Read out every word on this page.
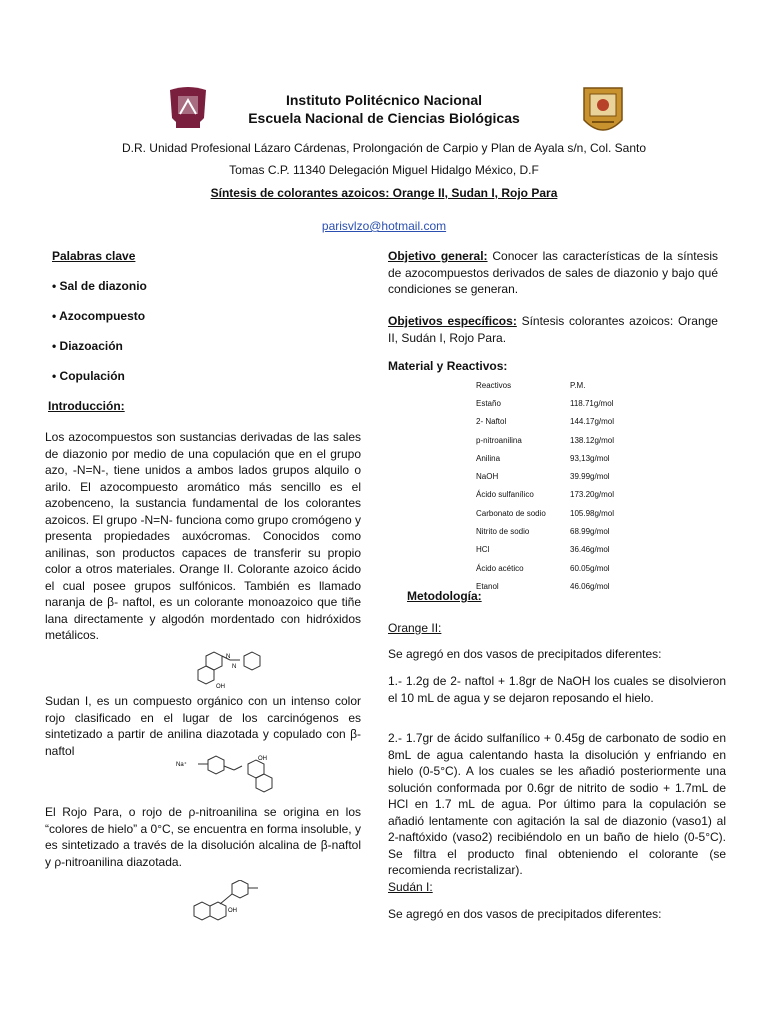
Instituto Politécnico Nacional
Escuela Nacional de Ciencias Biológicas
D.R. Unidad Profesional Lázaro Cárdenas, Prolongación de Carpio y Plan de Ayala s/n, Col. Santo
Tomas C.P. 11340 Delegación Miguel Hidalgo México, D.F
Síntesis de colorantes azoicos: Orange II, Sudan I, Rojo Para
parisvlzo@hotmail.com
Palabras clave
• Sal de diazonio
• Azocompuesto
• Diazoación
• Copulación
Introducción:
Los azocompuestos son sustancias derivadas de las sales de diazonio por medio de una copulación que en el grupo azo, -N=N-, tiene unidos a ambos lados grupos alquilo o arilo. El azocompuesto aromático más sencillo es el azobenceno, la sustancia fundamental de los colorantes azoicos. El grupo -N=N- funciona como grupo cromógeno y presenta propiedades auxócromas. Conocidos como anilinas, son productos capaces de transferir su propio color a otros materiales. Orange II. Colorante azoico ácido el cual posee grupos sulfónicos. También es llamado naranja de β- naftol, es un colorante monoazoico que tiñe lana directamente y algodón mordentado con hidróxidos metálicos.
N
N
OH
Sudan I, es un compuesto orgánico con un intenso color rojo clasificado en el lugar de los carcinógenos es sintetizado a partir de anilina diazotada y copulado con β-naftol
Na⁺
OH
El Rojo Para, o rojo de ρ-nitroanilina se origina en los “colores de hielo” a 0°C, se encuentra en forma insoluble, y es sintetizado a través de la disolución alcalina de β-naftol y ρ-nitroanilina diazotada.
OH
Objetivo general: Conocer las características de la síntesis de azocompuestos derivados de sales de diazonio y bajo qué condiciones se generan.
Objetivos específicos: Síntesis colorantes azoicos: Orange II, Sudán I, Rojo Para.
Material y Reactivos:
Reactivos	P.M.
Estaño	118.71g/mol
2- Naftol	144.17g/mol
p-nitroanilina	138.12g/mol
Anilina	93,13g/mol
NaOH	39.99g/mol
Ácido sulfanílico	173.20g/mol
Carbonato de sodio	105.98g/mol
Nitrito de sodio	68.99g/mol
HCl	36.46g/mol
Ácido acético	60.05g/mol
Etanol	46.06g/mol
Metodología:
Orange II:
Se agregó en dos vasos de precipitados diferentes:
1.- 1.2g de 2- naftol + 1.8gr de NaOH los cuales se disolvieron el 10 mL de agua y se dejaron reposando el hielo.
2.- 1.7gr de ácido sulfanílico + 0.45g de carbonato de sodio en 8mL de agua calentando hasta la disolución y enfriando en hielo (0-5°C). A los cuales se les añadió posteriormente una solución conformada por 0.6gr de nitrito de sodio + 1.7mL de HCl en 1.7 mL de agua. Por último para la copulación se añadió lentamente con agitación la sal de diazonio (vaso1) al 2-naftóxido (vaso2) recibiéndolo en un baño de hielo (0-5°C). Se filtra el producto final obteniendo el colorante (se recomienda recristalizar).
Sudán I:
Se agregó en dos vasos de precipitados diferentes:
